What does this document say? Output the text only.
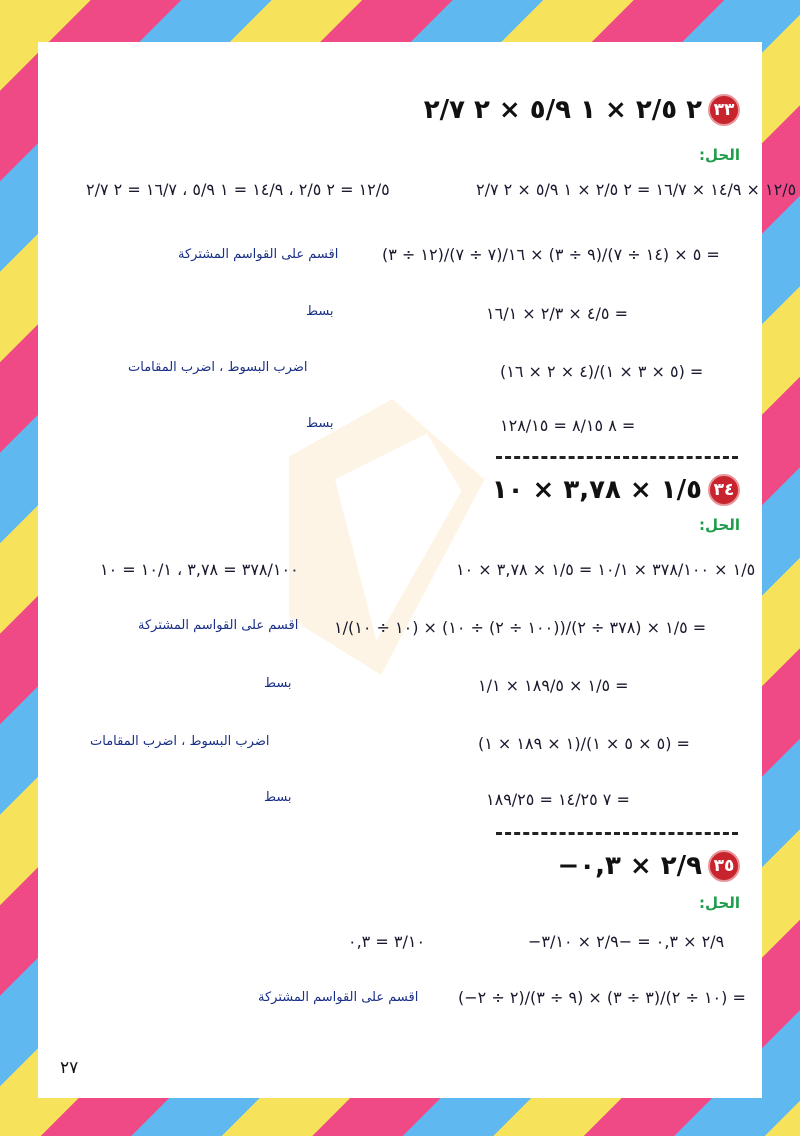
٢ ٢/٥ × ١ ٥/٩ × ٢ ٢/٧ ٣٣
الحل:
١٢/٥ = ٢ ٢/٥ ، ١٤/٩ = ١ ٥/٩ ، ١٦/٧ = ٢ ٢/٧	١٢/٥ × ١٤/٩ × ١٦/٧ = ٢ ٢/٥ × ١ ٥/٩ × ٢ ٢/٧
(١٢ ÷ ٣)/٥ × (١٤ ÷ ٧)/(٩ ÷ ٣) × ١٦/(٧ ÷ ٧) =
اقسم على القواسم المشتركة
٤/٥ × ٢/٣ × ١٦/١ =
بسط
(٤ × ٢ × ١٦)/(٥ × ٣ × ١) =
اضرب البسوط ، اضرب المقامات
٨ ٨/١٥ = ١٢٨/١٥ =
بسط
١/٥ × ٣,٧٨ × ١٠ ٣٤
الحل:
٣٧٨/١٠٠ = ٣,٧٨ ، ١٠/١ = ١٠	١/٥ × ٣٧٨/١٠٠ × ١٠/١ = ١/٥ × ٣,٧٨ × ١٠
١/٥ × (٣٧٨ ÷ ٢)/((١٠٠ ÷ ٢) ÷ ١٠) × (١٠ ÷ ١٠)/١ =
اقسم على القواسم المشتركة
١/٥ × ١٨٩/٥ × ١/١ =
بسط
(١ × ١٨٩ × ١)/(٥ × ٥ × ١) =
اضرب البسوط ، اضرب المقامات
٧ ١٤/٢٥ = ١٨٩/٢٥ =
بسط
−٢/٩ × ٠,٣ ٣٥
الحل:
٣/١٠ = ٠,٣	−٢/٩ × ٠,٣ = −٢/٩ × ٣/١٠
(−٢ ÷ ٢)/(٩ ÷ ٣) × (٣ ÷ ٣)/(١٠ ÷ ٢) =
اقسم على القواسم المشتركة
٢٧
